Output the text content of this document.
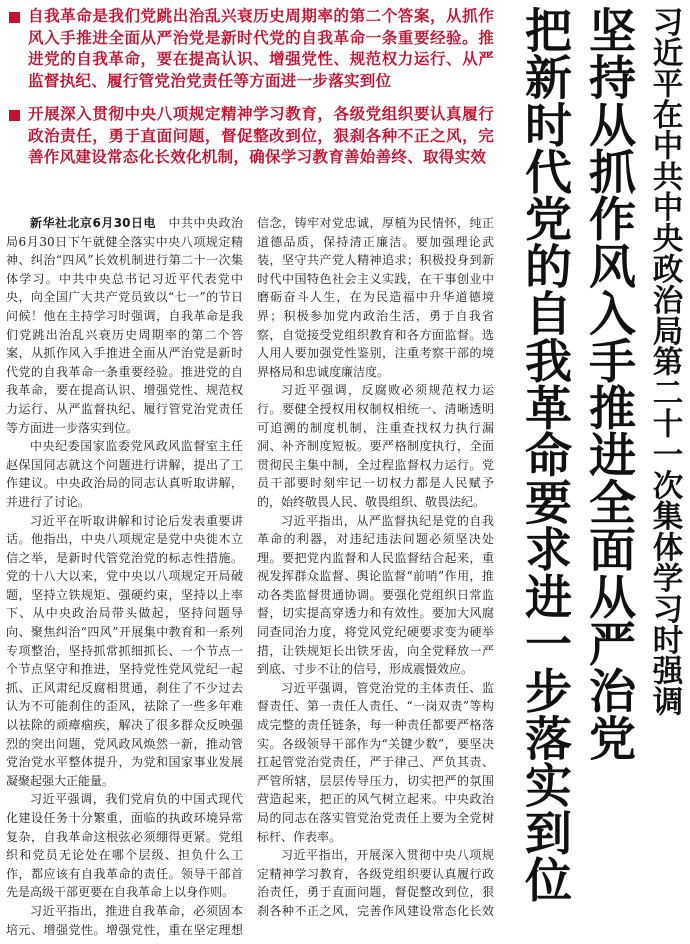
习近平在中共中央政治局第二十一次集体学习时强调
坚持从抓作风入手推进全面从严治党
把新时代党的自我革命要求进一步落实到位
自我革命是我们党跳出治乱兴衰历史周期率的第二个答案，从抓作风入手推进全面从严治党是新时代党的自我革命一条重要经验。推进党的自我革命，要在提高认识、增强党性、规范权力运行、从严监督执纪、履行管党治党责任等方面进一步落实到位
开展深入贯彻中央八项规定精神学习教育，各级党组织要认真履行政治责任，勇于直面问题，督促整改到位，狠刹各种不正之风，完善作风建设常态化长效化机制，确保学习教育善始善终、取得实效

新华社北京6月30日电　 中共中央政治局6月30日下午就健全落实中央八项规定精神、纠治“四风”长效机制进行第二十一次集体学习。中共中央总书记习近平代表党中央，向全国广大共产党员致以“七一”的节日问候！他在主持学习时强调，自我革命是我们党跳出治乱兴衰历史周期率的第二个答案，从抓作风入手推进全面从严治党是新时代党的自我革命一条重要经验。推进党的自我革命，要在提高认识、增强党性、规范权力运行、从严监督执纪、履行管党治党责任等方面进一步落实到位。

中央纪委国家监委党风政风监督室主任赵保国同志就这个问题进行讲解，提出了工作建议。中央政治局的同志认真听取讲解，并进行了讨论。

习近平在听取讲解和讨论后发表重要讲话。他指出，中央八项规定是党中央徙木立信之举，是新时代管党治党的标志性措施。党的十八大以来，党中央以八项规定开局破题，坚持立铁规矩、强硬约束，坚持以上率下、从中央政治局带头做起，坚持问题导向、聚焦纠治“四风”开展集中教育和一系列专项整治，坚持抓常抓细抓长、一个节点一个节点坚守和推进，坚持党性党风党纪一起抓、正风肃纪反腐相贯通，刹住了不少过去认为不可能刹住的歪风，祛除了一些多年难以祛除的顽瘴痼疾，解决了很多群众反映强烈的突出问题，党风政风焕然一新，推动管党治党水平整体提升，为党和国家事业发展凝聚起强大正能量。

习近平强调，我们党肩负的中国式现代化建设任务十分繁重，面临的执政环境异常复杂，自我革命这根弦必须绷得更紧。党组织和党员无论处在哪个层级、担负什么工作，都应该有自我革命的责任。领导干部首先是高级干部更要在自我革命上以身作则。

习近平指出，推进自我革命，必须固本培元、增强党性。增强党性，重在坚定理想信念，铸牢对党忠诚，厚植为民情怀，纯正道德品质，保持清正廉洁。要加强理论武装，坚守共产党人精神追求；积极投身到新时代中国特色社会主义实践，在干事创业中磨砺奋斗人生，在为民造福中升华道德境界；积极参加党内政治生活，勇于自我省察，自觉接受党组织教育和各方面监督。选人用人要加强党性鉴别，注重考察干部的境界格局和忠诚度廉洁度。

习近平强调，反腐败必须规范权力运行。要健全授权用权制权相统一、清晰透明可追溯的制度机制，注重查找权力执行漏洞、补齐制度短板。要严格制度执行，全面贯彻民主集中制，全过程监督权力运行。党员干部要时刻牢记一切权力都是人民赋予的，始终敬畏人民、敬畏组织、敬畏法纪。

习近平指出，从严监督执纪是党的自我革命的利器，对违纪违法问题必须坚决处理。要把党内监督和人民监督结合起来，重视发挥群众监督、舆论监督“前哨”作用，推动各类监督贯通协调。要强化党组织日常监督，切实提高穿透力和有效性。要加大风腐同查同治力度，将党风党纪硬要求变为硬举措，让铁规矩长出铁牙齿，向全党释放一严到底、寸步不让的信号，形成震慑效应。

习近平强调，管党治党的主体责任、监督责任、第一责任人责任、“一岗双责”等构成完整的责任链条，每一种责任都要严格落实。各级领导干部作为“关键少数”，要坚决扛起管党治党责任，严于律己、严负其责、严管所辖，层层传导压力，切实把严的氛围营造起来，把正的风气树立起来。中央政治局的同志在落实管党治党责任上要为全党树标杆、作表率。

习近平指出，开展深入贯彻中央八项规定精神学习教育，各级党组织要认真履行政治责任，勇于直面问题，督促整改到位，狠刹各种不正之风，完善作风建设常态化长效
